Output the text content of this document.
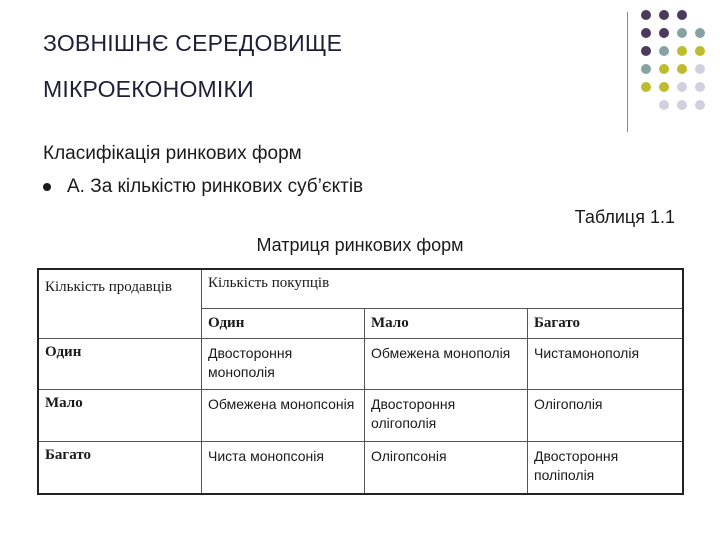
ЗОВНІШНЄ СЕРЕДОВИЩЕ
МІКРОЕКОНОМІКИ
Класифікація ринкових форм
А. За кількістю ринкових суб’єктів
Таблиця 1.1
Матриця ринкових форм
Кількість продавців	Кількість покупців		
	Один	Мало	Багато
Один	Двостороння монополія	Обмежена монополія	Чистамонополія
Мало	Обмежена монопсонія	Двостороння олігополія	Олігополія
Багато	Чиста монопсонія	Олігопсонія	Двостороння поліполія
